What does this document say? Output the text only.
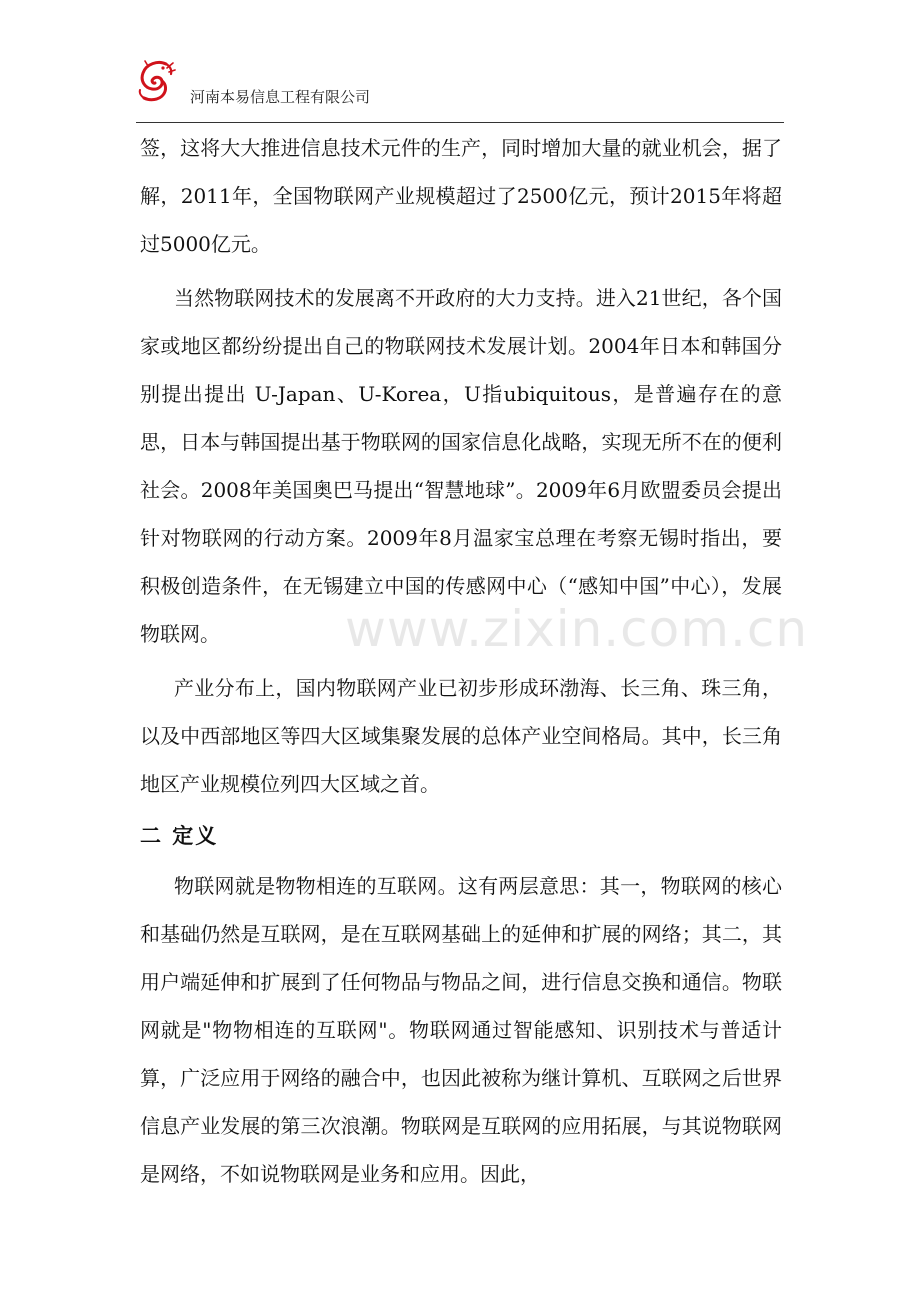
河南本易信息工程有限公司

签，这将大大推进信息技术元件的生产，同时增加大量的就业机会，据了解，2011年，全国物联网产业规模超过了2500亿元，预计2015年将超过5000亿元。

当然物联网技术的发展离不开政府的大力支持。进入21世纪，各个国家或地区都纷纷提出自己的物联网技术发展计划。2004年日本和韩国分别提出提出 U-Japan、U-Korea，U指ubiquitous，是普遍存在的意思，日本与韩国提出基于物联网的国家信息化战略，实现无所不在的便利社会。2008年美国奥巴马提出“智慧地球”。2009年6月欧盟委员会提出针对物联网的行动方案。2009年8月温家宝总理在考察无锡时指出，要积极创造条件，在无锡建立中国的传感网中心（“感知中国”中心），发展物联网。

产业分布上，国内物联网产业已初步形成环渤海、长三角、珠三角，以及中西部地区等四大区域集聚发展的总体产业空间格局。其中，长三角地区产业规模位列四大区域之首。

二 定义

物联网就是物物相连的互联网。这有两层意思：其一，物联网的核心和基础仍然是互联网，是在互联网基础上的延伸和扩展的网络；其二，其用户端延伸和扩展到了任何物品与物品之间，进行信息交换和通信。物联网就是"物物相连的互联网"。物联网通过智能感知、识别技术与普适计算，广泛应用于网络的融合中，也因此被称为继计算机、互联网之后世界信息产业发展的第三次浪潮。物联网是互联网的应用拓展，与其说物联网是网络，不如说物联网是业务和应用。因此，

www.zixin.com.cn
